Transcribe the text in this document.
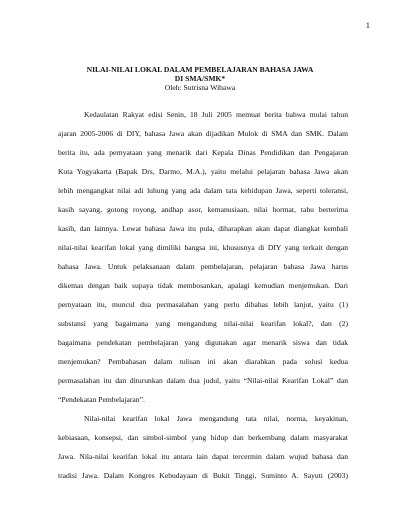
1
NILAI-NILAI LOKAL DALAM PEMBELAJARAN BAHASA JAWA
DI SMA/SMK*
Oleh: Sutrisna Wibawa
Kedaulatan Rakyat edisi Senin, 18 Juli 2005 memuat berita bahwa mulai tahun
ajaran 2005-2006 di DIY, bahasa Jawa akan dijadikan Mulok di SMA dan SMK. Dalam
berita itu, ada pernyataan yang menarik dari Kepala Dinas Pendidikan dan Pengajaran
Kota Yogyakarta (Bapak Drs, Darmo, M.A.), yaitu melalui pelajaran bahasa Jawa akan
lebih mengangkat nilai adi luhung yang ada dalam tata kehidupan Jawa, seperti toleransi,
kasih sayang, gotong royong, andhap asor, kemanusiaan, nilai hormat, tahu berterima
kasih, dan lainnya. Lewat bahasa Jawa itu pula, diharapkan akan dapat diangkat kembali
nilai-nilai kearifan lokal yang dimiliki bangsa ini, khususnya di DIY yang terkait dengan
bahasa Jawa. Untuk pelaksanaan dalam pembelajaran, pelajaran bahasa Jawa harus
dikemas dengan baik supaya tidak membosankan, apalagi kemudian menjemukan. Dari
pernyataan itu, muncul dua permasalahan yang perlu dibahas lebih lanjut, yaitu (1)
substansi yang bagaimana yang mengandung nilai-nilai kearifan lokal?, dan (2)
bagaimana pendekatan pembelajaran yang digunakan agar menarik siswa dan tidak
menjemukan? Pembahasan dalam tulisan ini akan diarahkan pada solusi kedua
permasalahan itu dan diturunkan dalam dua judul, yaitu “Nilai-nilai Kearifan Lokal” dan
“Pendekatan Pembelajaran”.
Nilai-nilai kearifan lokal Jawa mengandung tata nilai, norma, keyakinan,
kebiasaan, konsepsi, dan simbol-simbol yang hidup dan berkembang dalam masyarakat
Jawa. Nila-nilai kearifan lokal itu antara lain dapat tercermin dalam wujud bahasa dan
tradisi Jawa. Dalam Kongres Kebudayaan di Bukit Tinggi, Suminto A. Sayuti (2003)
